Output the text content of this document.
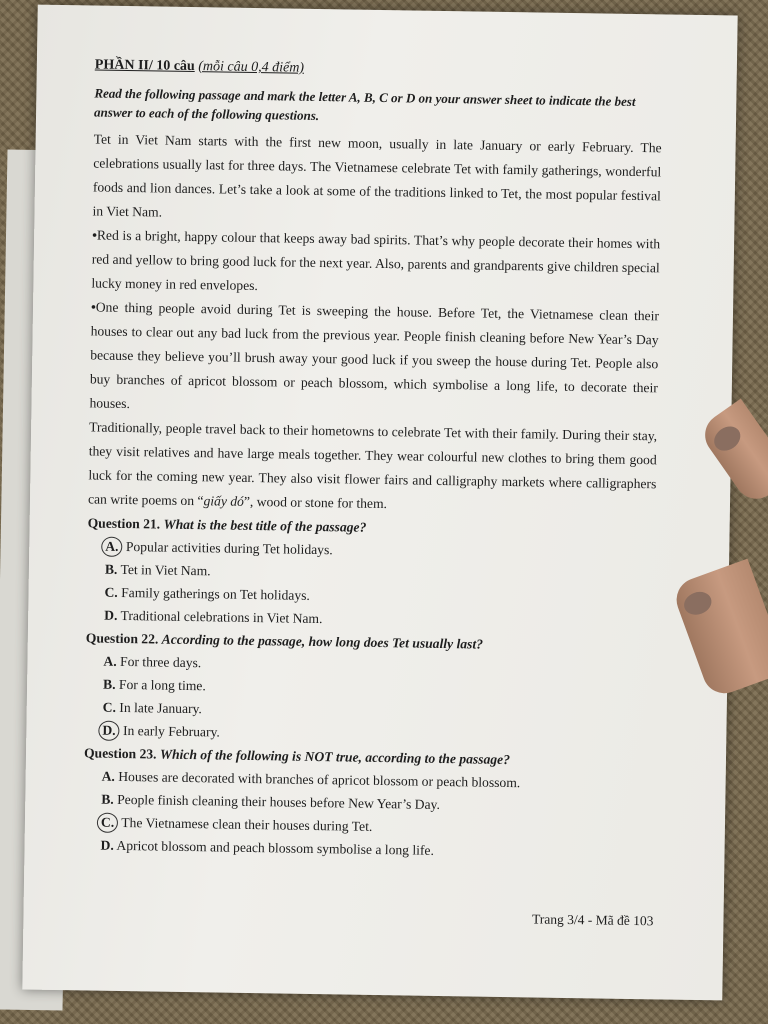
PHẦN II/ 10 câu (mỗi câu 0,4 điểm)
Read the following passage and mark the letter A, B, C or D on your answer sheet to indicate the best answer to each of the following questions.

Tet in Viet Nam starts with the first new moon, usually in late January or early February. The celebrations usually last for three days. The Vietnamese celebrate Tet with family gatherings, wonderful foods and lion dances. Let’s take a look at some of the traditions linked to Tet, the most popular festival in Viet Nam.

• Red is a bright, happy colour that keeps away bad spirits. That’s why people decorate their homes with red and yellow to bring good luck for the next year. Also, parents and grandparents give children special lucky money in red envelopes.

• One thing people avoid during Tet is sweeping the house. Before Tet, the Vietnamese clean their houses to clear out any bad luck from the previous year. People finish cleaning before New Year’s Day because they believe you’ll brush away your good luck if you sweep the house during Tet. People also buy branches of apricot blossom or peach blossom, which symbolise a long life, to decorate their houses.

Traditionally, people travel back to their hometowns to celebrate Tet with their family. During their stay, they visit relatives and have large meals together. They wear colourful new clothes to bring them good luck for the coming new year. They also visit flower fairs and calligraphy markets where calligraphers can write poems on “giấy dó”, wood or stone for them.

Question 21. What is the best title of the passage?
A. Popular activities during Tet holidays.
B. Tet in Viet Nam.
C. Family gatherings on Tet holidays.
D. Traditional celebrations in Viet Nam.
Question 22. According to the passage, how long does Tet usually last?
A. For three days.
B. For a long time.
C. In late January.
D. In early February.
Question 23. Which of the following is NOT true, according to the passage?
A. Houses are decorated with branches of apricot blossom or peach blossom.
B. People finish cleaning their houses before New Year’s Day.
C. The Vietnamese clean their houses during Tet.
D. Apricot blossom and peach blossom symbolise a long life.
Trang 3/4 - Mã đề 103
